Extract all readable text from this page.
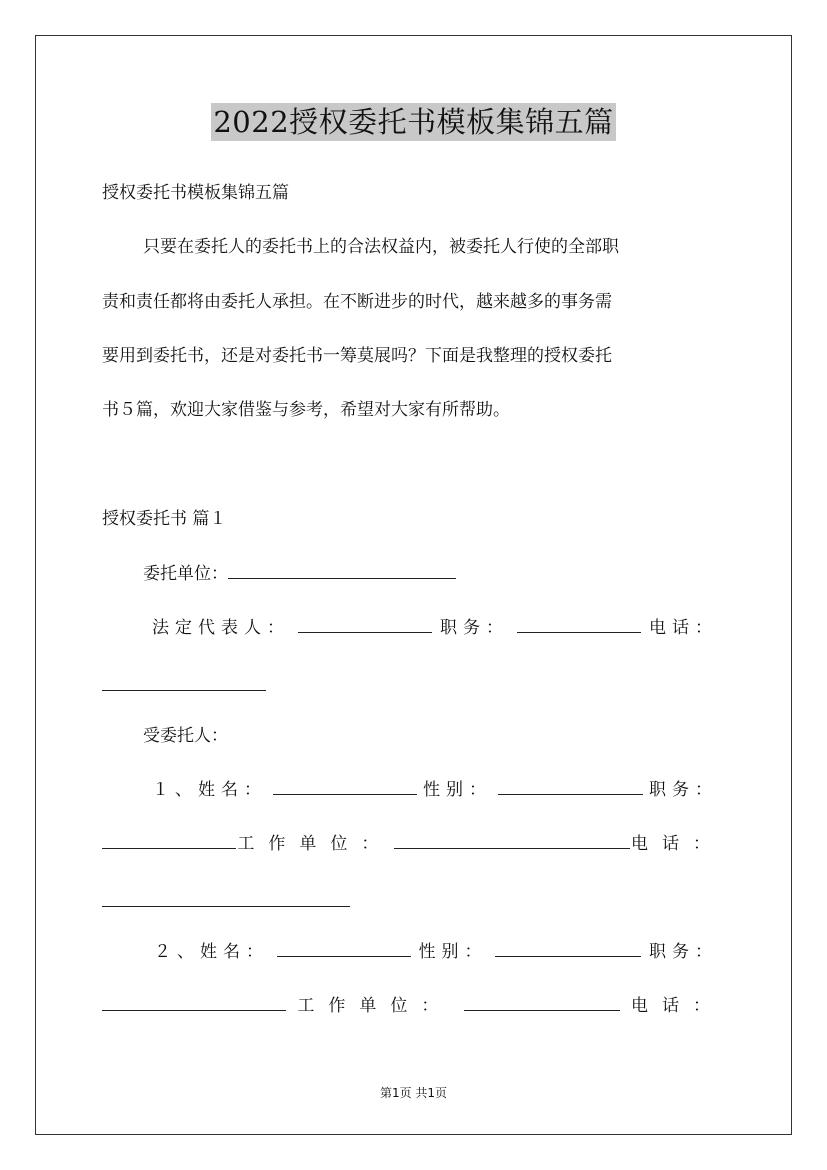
2022授权委托书模板集锦五篇
授权委托书模板集锦五篇
只要在委托人的委托书上的合法权益内，被委托人行使的全部职
责和责任都将由委托人承担。在不断进步的时代，越来越多的事务需
要用到委托书，还是对委托书一筹莫展吗？下面是我整理的授权委托
书５篇，欢迎大家借鉴与参考，希望对大家有所帮助。
授权委托书 篇１
委托单位：
法定代表人：	职务：	电话：
受委托人：
１、姓名：	性别：	职务：
工作单位：	电话：
２、姓名：	性别：	职务：
工作单位：	电话：
第1页 共1页
